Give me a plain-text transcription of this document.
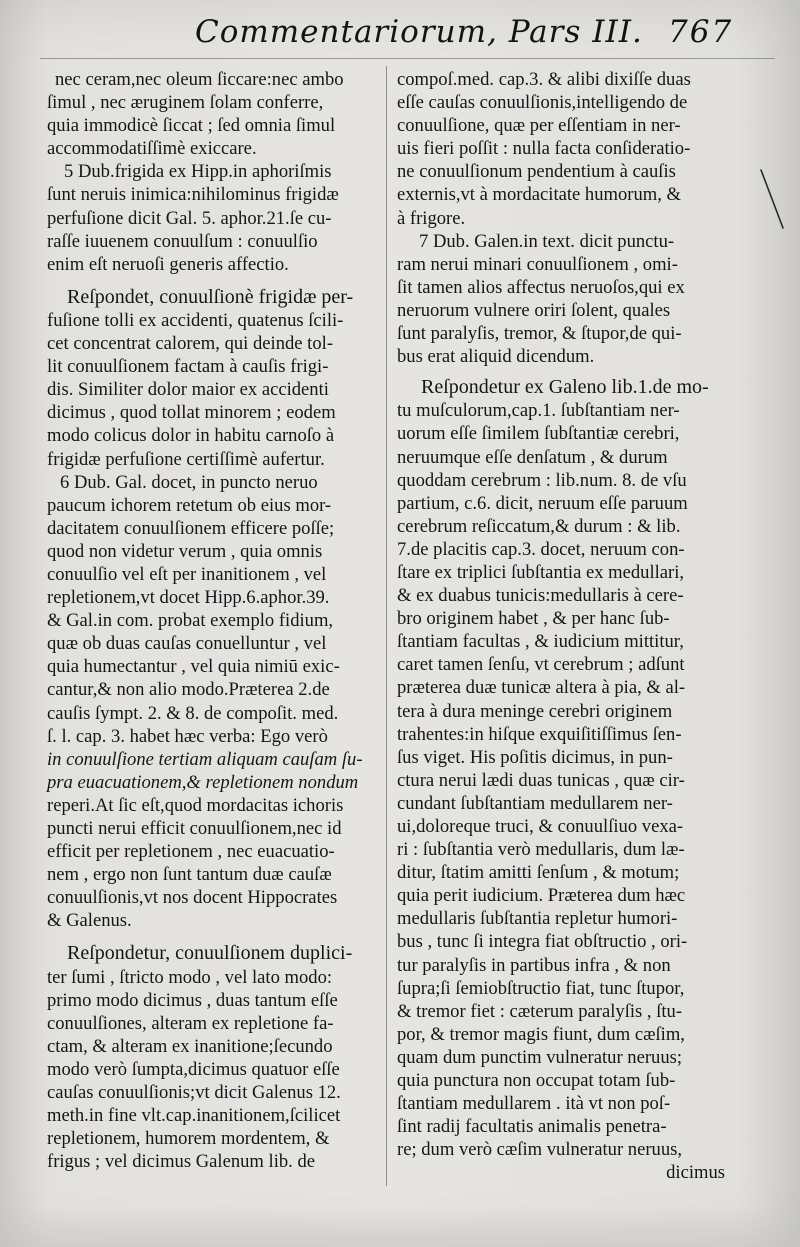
Commentariorum, Pars III. 767
nec ceram,nec oleum ſiccare:nec ambo
ſimul , nec æruginem ſolam conferre,
quia immodicè ſiccat ; ſed omnia ſimul
accommodatiſſimè exiccare.
5 Dub.frigida ex Hipp.in aphoriſmis
ſunt neruis inimica:nihilominus frigidæ
perfuſione dicit Gal. 5. aphor.21.ſe cu-
raſſe iuuenem conuulſum : conuulſio
enim eſt neruoſi generis affectio.
Reſpondet, conuulſionè frigidæ per-
fuſione tolli ex accidenti, quatenus ſcili-
cet concentrat calorem, qui deinde tol-
lit conuulſionem factam à cauſis frigi-
dis. Similiter dolor maior ex accidenti
dicimus , quod tollat minorem ; eodem
modo colicus dolor in habitu carnoſo à
frigidæ perfuſione certiſſimè aufertur.
6 Dub. Gal. docet, in puncto neruo
paucum ichorem retetum ob eius mor-
dacitatem conuulſionem efficere poſſe;
quod non videtur verum , quia omnis
conuulſio vel eſt per inanitionem , vel
repletionem,vt docet Hipp.6.aphor.39.
& Gal.in com. probat exemplo fidium,
quæ ob duas cauſas conuelluntur , vel
quia humectantur , vel quia nimiū exic-
cantur,& non alio modo.Præterea 2.de
cauſis ſympt. 2. & 8. de compoſit. med.
ſ. l. cap. 3. habet hæc verba: Ego verò
in conuulſione tertiam aliquam cauſam ſu-
pra euacuationem,& repletionem nondum
reperi.At ſic eſt,quod mordacitas ichoris
puncti nerui efficit conuulſionem,nec id
efficit per repletionem , nec euacuatio-
nem , ergo non ſunt tantum duæ cauſæ
conuulſionis,vt nos docent Hippocrates
& Galenus.
Reſpondetur, conuulſionem duplici-
ter ſumi , ſtricto modo , vel lato modo:
primo modo dicimus , duas tantum eſſe
conuulſiones, alteram ex repletione fa-
ctam, & alteram ex inanitione;ſecundo
modo verò ſumpta,dicimus quatuor eſſe
cauſas conuulſionis;vt dicit Galenus 12.
meth.in fine vlt.cap.inanitionem,ſcilicet
repletionem, humorem mordentem, &
frigus ; vel dicimus Galenum lib. de
compoſ.med. cap.3. & alibi dixiſſe duas
eſſe cauſas conuulſionis,intelligendo de
conuulſione, quæ per eſſentiam in ner-
uis fieri poſſit : nulla facta conſideratio-
ne conuulſionum pendentium à cauſis
externis,vt à mordacitate humorum, &
à frigore.
7 Dub. Galen.in text. dicit punctu-
ram nerui minari conuulſionem , omi-
ſit tamen alios affectus neruoſos,qui ex
neruorum vulnere oriri ſolent, quales
ſunt paralyſis, tremor, & ſtupor,de qui-
bus erat aliquid dicendum.
Reſpondetur ex Galeno lib.1.de mo-
tu muſculorum,cap.1. ſubſtantiam ner-
uorum eſſe ſimilem ſubſtantiæ cerebri,
neruumque eſſe denſatum , & durum
quoddam cerebrum : lib.num. 8. de vſu
partium, c.6. dicit, neruum eſſe paruum
cerebrum reſiccatum,& durum : & lib.
7.de placitis cap.3. docet, neruum con-
ſtare ex triplici ſubſtantia ex medullari,
& ex duabus tunicis:medullaris à cere-
bro originem habet , & per hanc ſub-
ſtantiam facultas , & iudicium mittitur,
caret tamen ſenſu, vt cerebrum ; adſunt
præterea duæ tunicæ altera à pia, & al-
tera à dura meninge cerebri originem
trahentes:in hiſque exquiſitiſſimus ſen-
ſus viget. His poſitis dicimus, in pun-
ctura nerui lædi duas tunicas , quæ cir-
cundant ſubſtantiam medullarem ner-
ui,doloreque truci, & conuulſiuo vexa-
ri : ſubſtantia verò medullaris, dum læ-
ditur, ſtatim amitti ſenſum , & motum;
quia perit iudicium. Præterea dum hæc
medullaris ſubſtantia repletur humori-
bus , tunc ſi integra fiat obſtructio , ori-
tur paralyſis in partibus infra , & non
ſupra;ſi ſemiobſtructio fiat, tunc ſtupor,
& tremor fiet : cæterum paralyſis , ſtu-
por, & tremor magis fiunt, dum cæſim,
quam dum punctim vulneratur neruus;
quia punctura non occupat totam ſub-
ſtantiam medullarem . ità vt non poſ-
ſint radij facultatis animalis penetra-
re; dum verò cæſim vulneratur neruus,
dicimus
